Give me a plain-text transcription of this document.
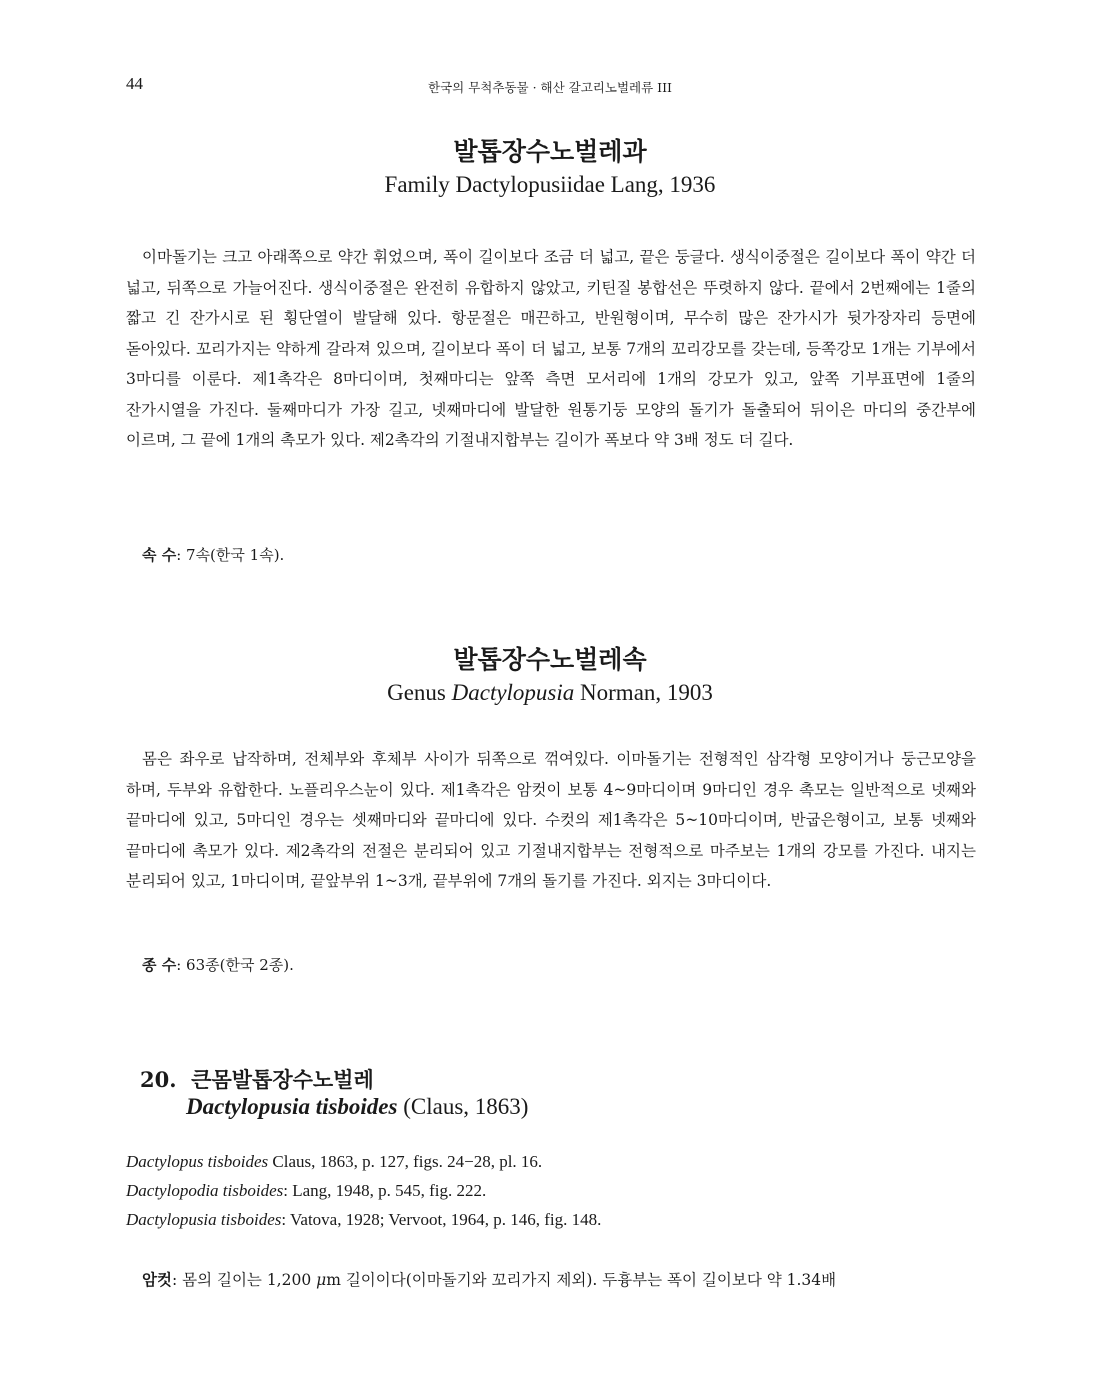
44	한국의 무척추동물 · 해산 갈고리노벌레류 III
발톱장수노벌레과
Family Dactylopusiidae Lang, 1936

이마돌기는 크고 아래쪽으로 약간 휘었으며, 폭이 길이보다 조금 더 넓고, 끝은 둥글다. 생식이중절은 길이보다 폭이 약간 더 넓고, 뒤쪽으로 가늘어진다. 생식이중절은 완전히 유합하지 않았고, 키틴질 봉합선은 뚜렷하지 않다. 끝에서 2번째에는 1줄의 짧고 긴 잔가시로 된 횡단열이 발달해 있다. 항문절은 매끈하고, 반원형이며, 무수히 많은 잔가시가 뒷가장자리 등면에 돋아있다. 꼬리가지는 약하게 갈라져 있으며, 길이보다 폭이 더 넓고, 보통 7개의 꼬리강모를 갖는데, 등쪽강모 1개는 기부에서 3마디를 이룬다. 제1촉각은 8마디이며, 첫째마디는 앞쪽 측면 모서리에 1개의 강모가 있고, 앞쪽 기부표면에 1줄의 잔가시열을 가진다. 둘째마디가 가장 길고, 넷째마디에 발달한 원통기둥 모양의 돌기가 돌출되어 뒤이은 마디의 중간부에 이르며, 그 끝에 1개의 촉모가 있다. 제2촉각의 기절내지합부는 길이가 폭보다 약 3배 정도 더 길다.

속 수: 7속(한국 1속).
발톱장수노벌레속
Genus Dactylopusia Norman, 1903

몸은 좌우로 납작하며, 전체부와 후체부 사이가 뒤쪽으로 꺾여있다. 이마돌기는 전형적인 삼각형 모양이거나 둥근모양을 하며, 두부와 유합한다. 노플리우스눈이 있다. 제1촉각은 암컷이 보통 4~9마디이며 9마디인 경우 촉모는 일반적으로 넷째와 끝마디에 있고, 5마디인 경우는 셋째마디와 끝마디에 있다. 수컷의 제1촉각은 5~10마디이며, 반굽은형이고, 보통 넷째와 끝마디에 촉모가 있다. 제2촉각의 전절은 분리되어 있고 기절내지합부는 전형적으로 마주보는 1개의 강모를 가진다. 내지는 분리되어 있고, 1마디이며, 끝앞부위 1~3개, 끝부위에 7개의 돌기를 가진다. 외지는 3마디이다.

종 수: 63종(한국 2종).
20. 큰몸발톱장수노벌레
Dactylopusia tisboides (Claus, 1863)
Dactylopus tisboides Claus, 1863, p. 127, figs. 24−28, pl. 16.
Dactylopodia tisboides: Lang, 1948, p. 545, fig. 222.
Dactylopusia tisboides: Vatova, 1928; Vervoot, 1964, p. 146, fig. 148.
암컷: 몸의 길이는 1,200 μm 길이이다(이마돌기와 꼬리가지 제외). 두흉부는 폭이 길이보다 약 1.34배
